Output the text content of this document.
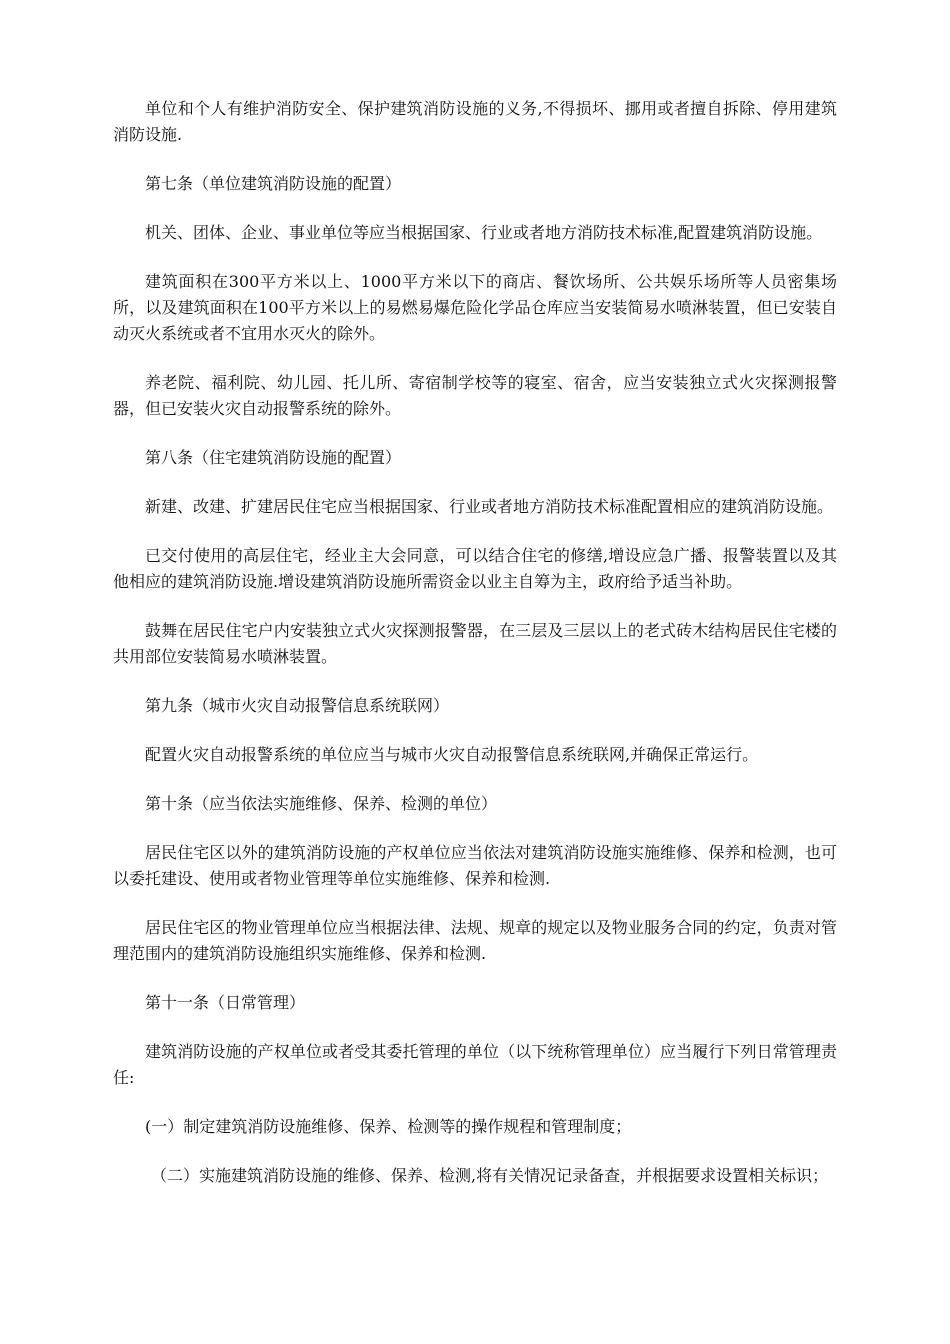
单位和个人有维护消防安全、保护建筑消防设施的义务,不得损坏、挪用或者擅自拆除、停用建筑消防设施.

第七条（单位建筑消防设施的配置）

机关、团体、企业、事业单位等应当根据国家、行业或者地方消防技术标准,配置建筑消防设施。

建筑面积在300平方米以上、1000平方米以下的商店、餐饮场所、公共娱乐场所等人员密集场所，以及建筑面积在100平方米以上的易燃易爆危险化学品仓库应当安装简易水喷淋装置，但已安装自动灭火系统或者不宜用水灭火的除外。

养老院、福利院、幼儿园、托儿所、寄宿制学校等的寝室、宿舍，应当安装独立式火灾探测报警器，但已安装火灾自动报警系统的除外。

第八条（住宅建筑消防设施的配置）

新建、改建、扩建居民住宅应当根据国家、行业或者地方消防技术标准配置相应的建筑消防设施。

已交付使用的高层住宅，经业主大会同意，可以结合住宅的修缮,增设应急广播、报警装置以及其他相应的建筑消防设施.增设建筑消防设施所需资金以业主自筹为主，政府给予适当补助。

鼓舞在居民住宅户内安装独立式火灾探测报警器，在三层及三层以上的老式砖木结构居民住宅楼的共用部位安装简易水喷淋装置。

第九条（城市火灾自动报警信息系统联网）

配置火灾自动报警系统的单位应当与城市火灾自动报警信息系统联网,并确保正常运行。

第十条（应当依法实施维修、保养、检测的单位）

居民住宅区以外的建筑消防设施的产权单位应当依法对建筑消防设施实施维修、保养和检测，也可以委托建设、使用或者物业管理等单位实施维修、保养和检测.

居民住宅区的物业管理单位应当根据法律、法规、规章的规定以及物业服务合同的约定，负责对管理范围内的建筑消防设施组织实施维修、保养和检测.

第十一条（日常管理）

建筑消防设施的产权单位或者受其委托管理的单位（以下统称管理单位）应当履行下列日常管理责任:

(一）制定建筑消防设施维修、保养、检测等的操作规程和管理制度；

（二）实施建筑消防设施的维修、保养、检测,将有关情况记录备查，并根据要求设置相关标识；
